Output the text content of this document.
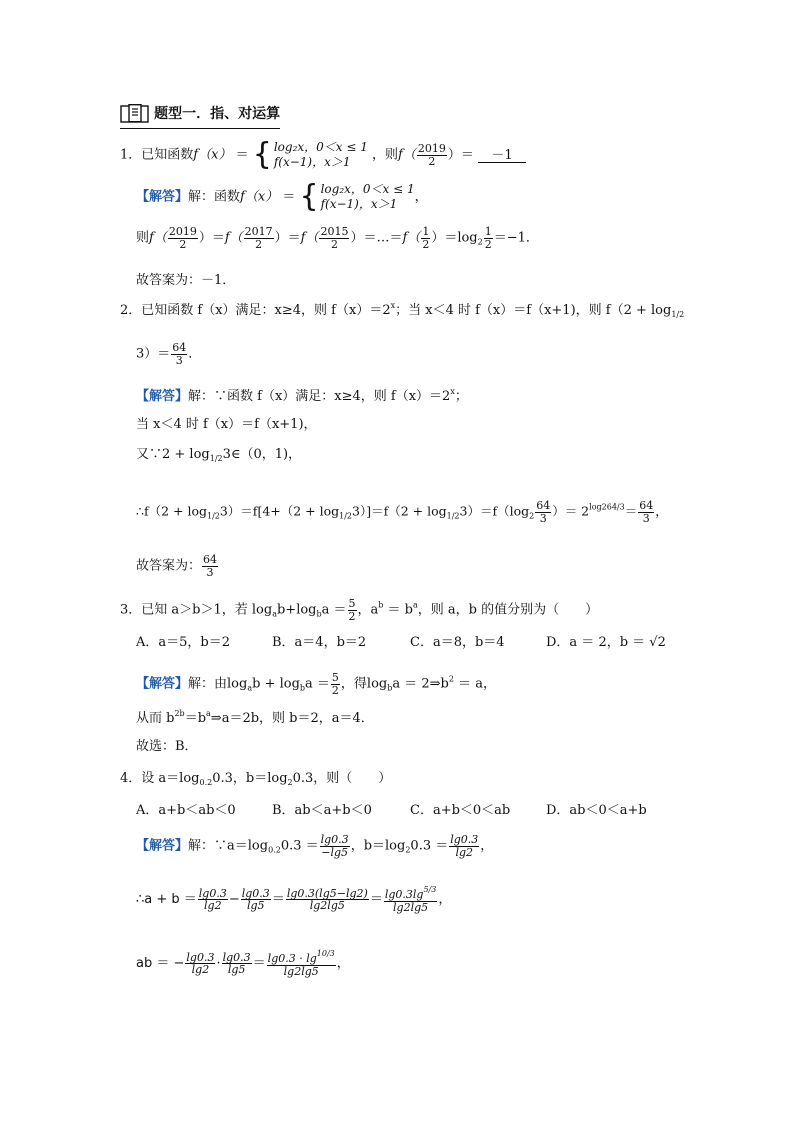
题型一．指、对运算
1．已知函数f（x） ＝ { log₂x，0＜x ≤ 1
f(x−1)，x＞1 ，则$f( \frac{2019}{2}$ ）＝ －1
【解答】解：函数f（x） ＝ { log₂x，0＜x ≤ 1
f(x−1)，x＞1 ，
则$f( \frac{2019}{2} )=f( \frac{2017}{2} )=f( \frac{2015}{2}$ ）＝…＝f（ $\frac{1}{2} )=\log_2 \frac{1}{2} =-1$．
故答案为：－1．
2．已知函数 f（x）满足：x≥4，则 $f(x)=2^x$；当 x＜4 时 f（x）＝f（x+1)，则 $f(2 + \log_{1/2}$
$3)= \frac{64}{3}$ ．
【解答】解：∵函数 f（x）满足：x≥4，则 $f(x)=2^x$；
当 x＜4 时 f（x）＝f（x+1)，
又∵2 + $\log_{1/2}3\in(0$，1)，
∴f（2 + $\log_{1/2}3)=f[4+(2 + \log_{1/2}3)]=f(2 + \log_{1/2}3)=f(\log_2 \frac{64}{3}$ ）＝ $2^{log264/3}= \frac{64}{3}$ ，
故答案为： $\frac{64}{3}$
3．已知 a＞b＞1，若 $\log_ab+\log_ba = \frac{5}{2}$ ，$a^b = b^a$，则 a，b 的值分别为（　　）
A．a＝5，b＝2	B．a＝4，b＝2	C．a＝8，b＝4	D．a ＝ 2，b ＝ √2
【解答】解：由$\log_ab + \log_ba = \frac{5}{2}$ ，得$\log_ba$ ＝ $2\Rightarrow b^2 = a$，
从而 $b^{2b}=b^a\Rightarrow a=2b$，则 b＝2，a＝4．
故选：B．
4．设 $a=\log_{0.2}0.3$，$b=\log_20.3$，则（　　）
A．a+b＜ab＜0	B．ab＜a+b＜0	C．a+b＜0＜ab	D．ab＜0＜a+b
【解答】解：$\because a=\log_{0.2}0.3 = \frac{\lg 0.3}{-\lg 5}$ ，$b=\log_20.3 = \frac{\lg 0.3}{\lg 2}$ ，
∴a + $b = \frac{\lg 0.3}{\lg 2} - \frac{\lg 0.3}{\lg 5} = \frac{\lg 0.3(\lg 5-\lg 2)}{\lg 2\lg 5} = \frac{\lg 0.3\lg^{5/3}}{\lg 2\lg 5}$ ，
ab ＝ − $\frac{\lg 0.3}{\lg 2} \cdot \frac{\lg 0.3}{\lg 5} = \frac{\lg 0.3 \cdot \lg^{10/3}}{\lg 2\lg 5}$ ，
